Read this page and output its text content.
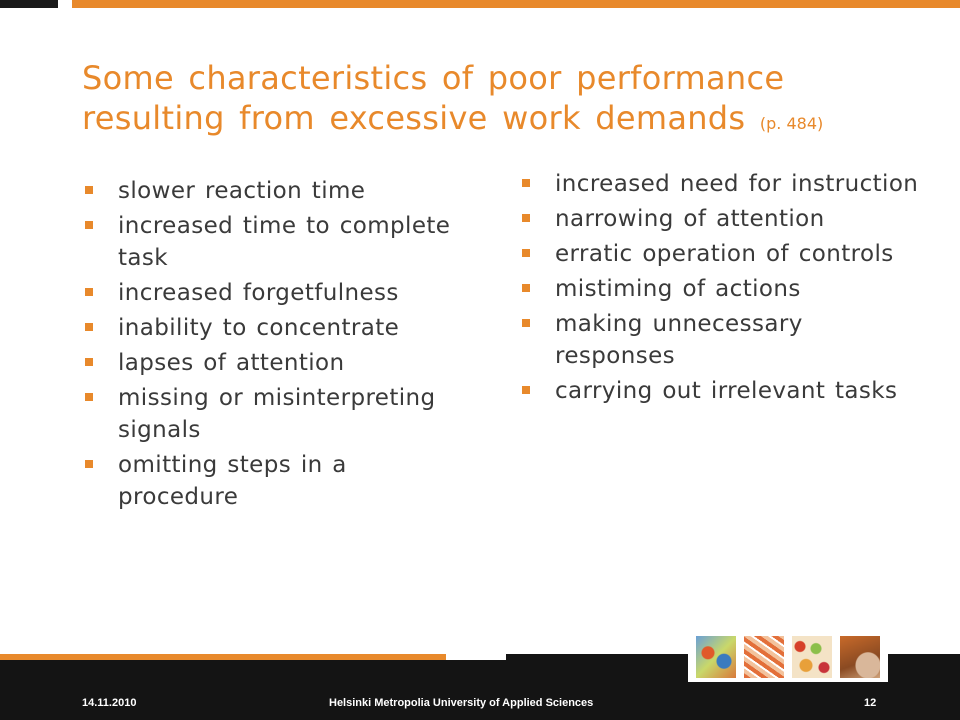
Some characteristics of poor performance resulting from excessive work demands (p. 484)
slower reaction time
increased time to complete task
increased forgetfulness
inability to concentrate
lapses of attention
missing or misinterpreting signals
omitting steps in a procedure
increased need for instruction
narrowing of attention
erratic operation of controls
mistiming of actions
making unnecessary responses
carrying out irrelevant tasks
14.11.2010	Helsinki Metropolia University of Applied Sciences	12
